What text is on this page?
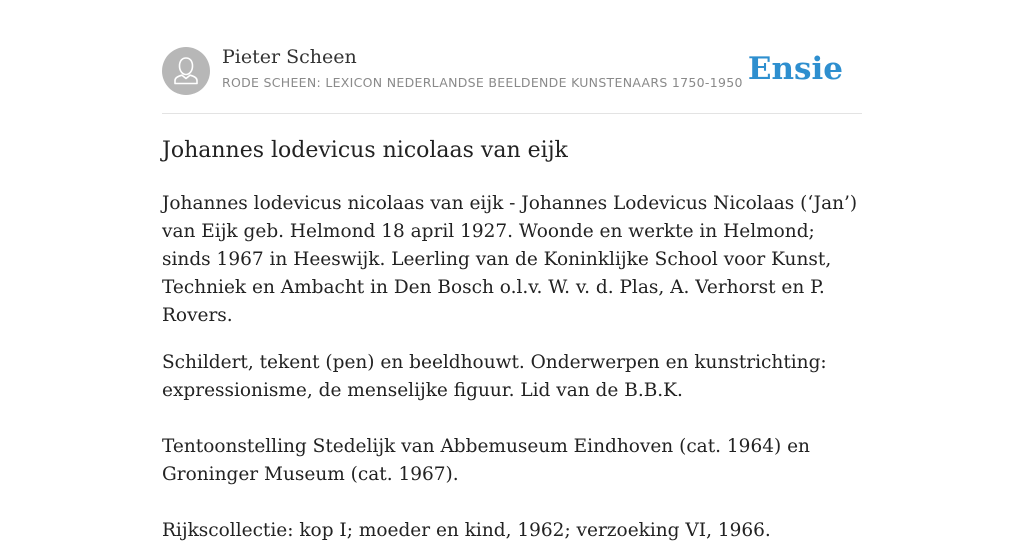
Pieter Scheen
RODE SCHEEN: LEXICON NEDERLANDSE BEELDENDE KUNSTENAARS 1750-1950 Ensie
Johannes lodevicus nicolaas van eijk

Johannes lodevicus nicolaas van eijk - Johannes Lodevicus Nicolaas (‘Jan’) van Eijk geb. Helmond 18 april 1927. Woonde en werkte in Helmond; sinds 1967 in Heeswijk. Leerling van de Koninklijke School voor Kunst, Techniek en Ambacht in Den Bosch o.l.v. W. v. d. Plas, A. Verhorst en P. Rovers.

Schildert, tekent (pen) en beeldhouwt. Onderwerpen en kunstrichting: expressionisme, de menselijke figuur. Lid van de B.B.K.

Tentoonstelling Stedelijk van Abbemuseum Eindhoven (cat. 1964) en Groninger Museum (cat. 1967).

Rijkscollectie: kop I; moeder en kind, 1962; verzoeking VI, 1966.
